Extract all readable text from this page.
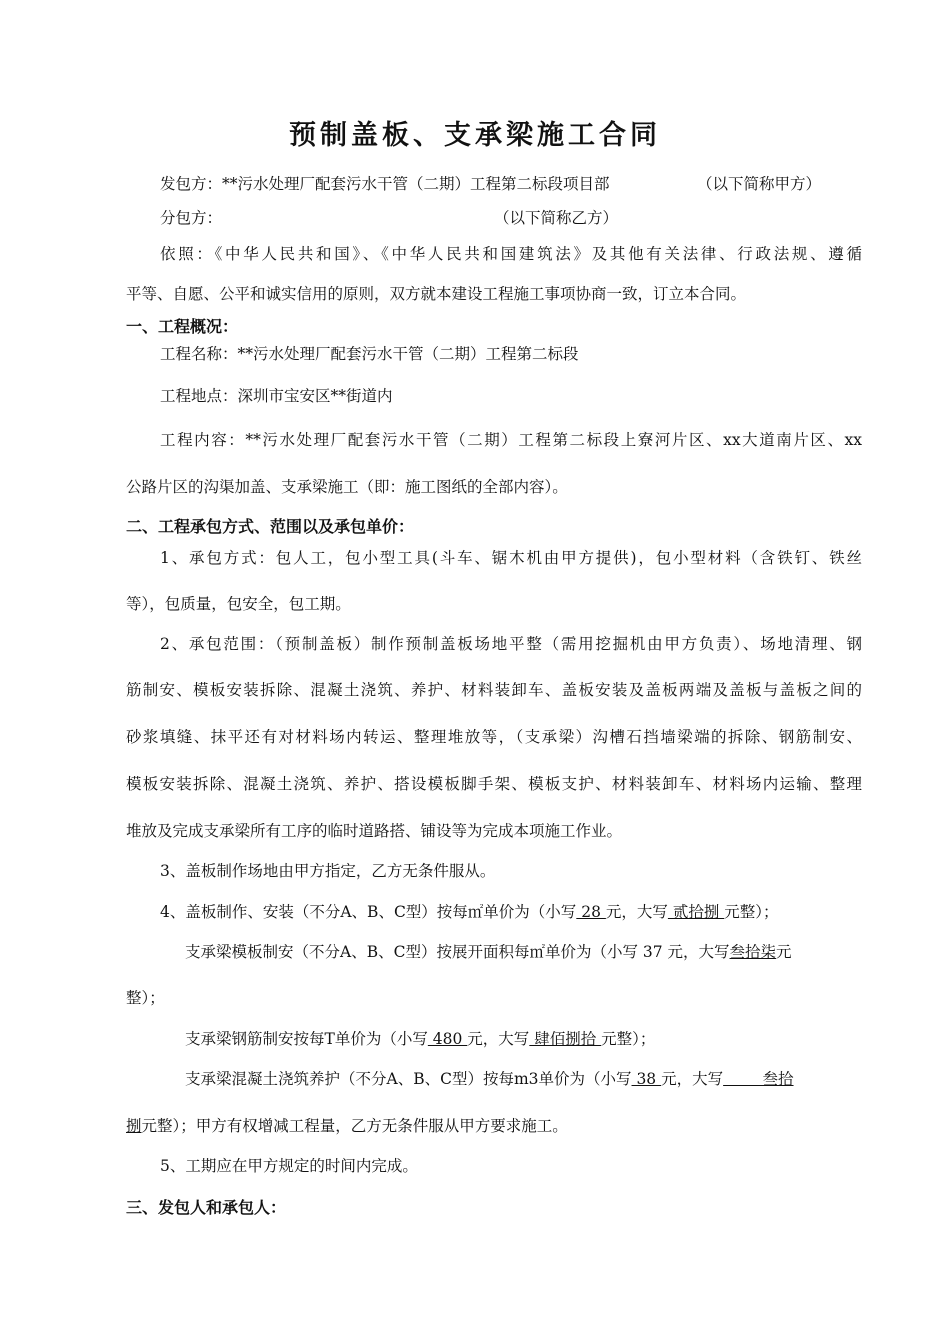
预制盖板、支承梁施工合同
发包方：**污水处理厂配套污水干管（二期）工程第二标段项目部	（以下简称甲方）
分包方：	（以下简称乙方）
依照：《中华人民共和国》、《中华人民共和国建筑法》及其他有关法律、行政法规、遵循
平等、自愿、公平和诚实信用的原则，双方就本建设工程施工事项协商一致，订立本合同。
一、工程概况：
工程名称：**污水处理厂配套污水干管（二期）工程第二标段
工程地点：深圳市宝安区**街道内
工程内容：**污水处理厂配套污水干管（二期）工程第二标段上寮河片区、xx大道南片区、xx
公路片区的沟渠加盖、支承梁施工（即：施工图纸的全部内容）。
二、工程承包方式、范围以及承包单价：
1、承包方式：包人工，包小型工具(斗车、锯木机由甲方提供)，包小型材料（含铁钉、铁丝
等），包质量，包安全，包工期。
2、承包范围：（预制盖板）制作预制盖板场地平整（需用挖掘机由甲方负责）、场地清理、钢
筋制安、模板安装拆除、混凝土浇筑、养护、材料装卸车、盖板安装及盖板两端及盖板与盖板之间的
砂浆填缝、抹平还有对材料场内转运、整理堆放等，（支承梁）沟槽石挡墙梁端的拆除、钢筋制安、
模板安装拆除、混凝土浇筑、养护、搭设模板脚手架、模板支护、材料装卸车、材料场内运输、整理
堆放及完成支承梁所有工序的临时道路搭、铺设等为完成本项施工作业。
3、盖板制作场地由甲方指定，乙方无条件服从。
4、盖板制作、安装（不分A、B、C型）按每㎡单价为（小写 28 元，大写 贰拾捌 元整）；
支承梁模板制安（不分A、B、C型）按展开面积每㎡单价为（小写 37 元，大写叁拾柒元
整）；
支承梁钢筋制安按每T单价为（小写 480 元，大写 肆佰捌拾 元整）；
支承梁混凝土浇筑养护（不分A、B、C型）按每m3单价为（小写 38 元，大写        叁拾
捌元整）；甲方有权增减工程量，乙方无条件服从甲方要求施工。
5、工期应在甲方规定的时间内完成。
三、发包人和承包人：
